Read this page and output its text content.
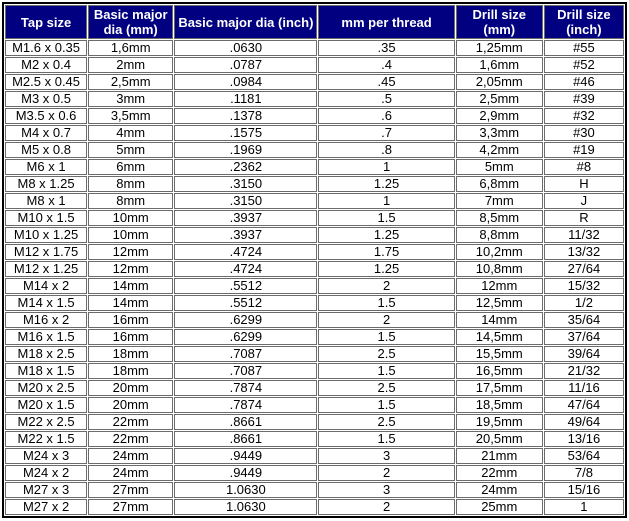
Tap size	Basic major dia (mm)	Basic major dia (inch)	mm per thread	Drill size (mm)	Drill size (inch)
M1.6 x 0.35	1,6mm	.0630	.35	1,25mm	#55
M2 x 0.4	2mm	.0787	.4	1,6mm	#52
M2.5 x 0.45	2,5mm	.0984	.45	2,05mm	#46
M3 x 0.5	3mm	.1181	.5	2,5mm	#39
M3.5 x 0.6	3,5mm	.1378	.6	2,9mm	#32
M4 x 0.7	4mm	.1575	.7	3,3mm	#30
M5 x 0.8	5mm	.1969	.8	4,2mm	#19
M6 x 1	6mm	.2362	1	5mm	#8
M8 x 1.25	8mm	.3150	1.25	6,8mm	H
M8 x 1	8mm	.3150	1	7mm	J
M10 x 1.5	10mm	.3937	1.5	8,5mm	R
M10 x 1.25	10mm	.3937	1.25	8,8mm	11/32
M12 x 1.75	12mm	.4724	1.75	10,2mm	13/32
M12 x 1.25	12mm	.4724	1.25	10,8mm	27/64
M14 x 2	14mm	.5512	2	12mm	15/32
M14 x 1.5	14mm	.5512	1.5	12,5mm	1/2
M16 x 2	16mm	.6299	2	14mm	35/64
M16 x 1.5	16mm	.6299	1.5	14,5mm	37/64
M18 x 2.5	18mm	.7087	2.5	15,5mm	39/64
M18 x 1.5	18mm	.7087	1.5	16,5mm	21/32
M20 x 2.5	20mm	.7874	2.5	17,5mm	11/16
M20 x 1.5	20mm	.7874	1.5	18,5mm	47/64
M22 x 2.5	22mm	.8661	2.5	19,5mm	49/64
M22 x 1.5	22mm	.8661	1.5	20,5mm	13/16
M24 x 3	24mm	.9449	3	21mm	53/64
M24 x 2	24mm	.9449	2	22mm	7/8
M27 x 3	27mm	1.0630	3	24mm	15/16
M27 x 2	27mm	1.0630	2	25mm	1
